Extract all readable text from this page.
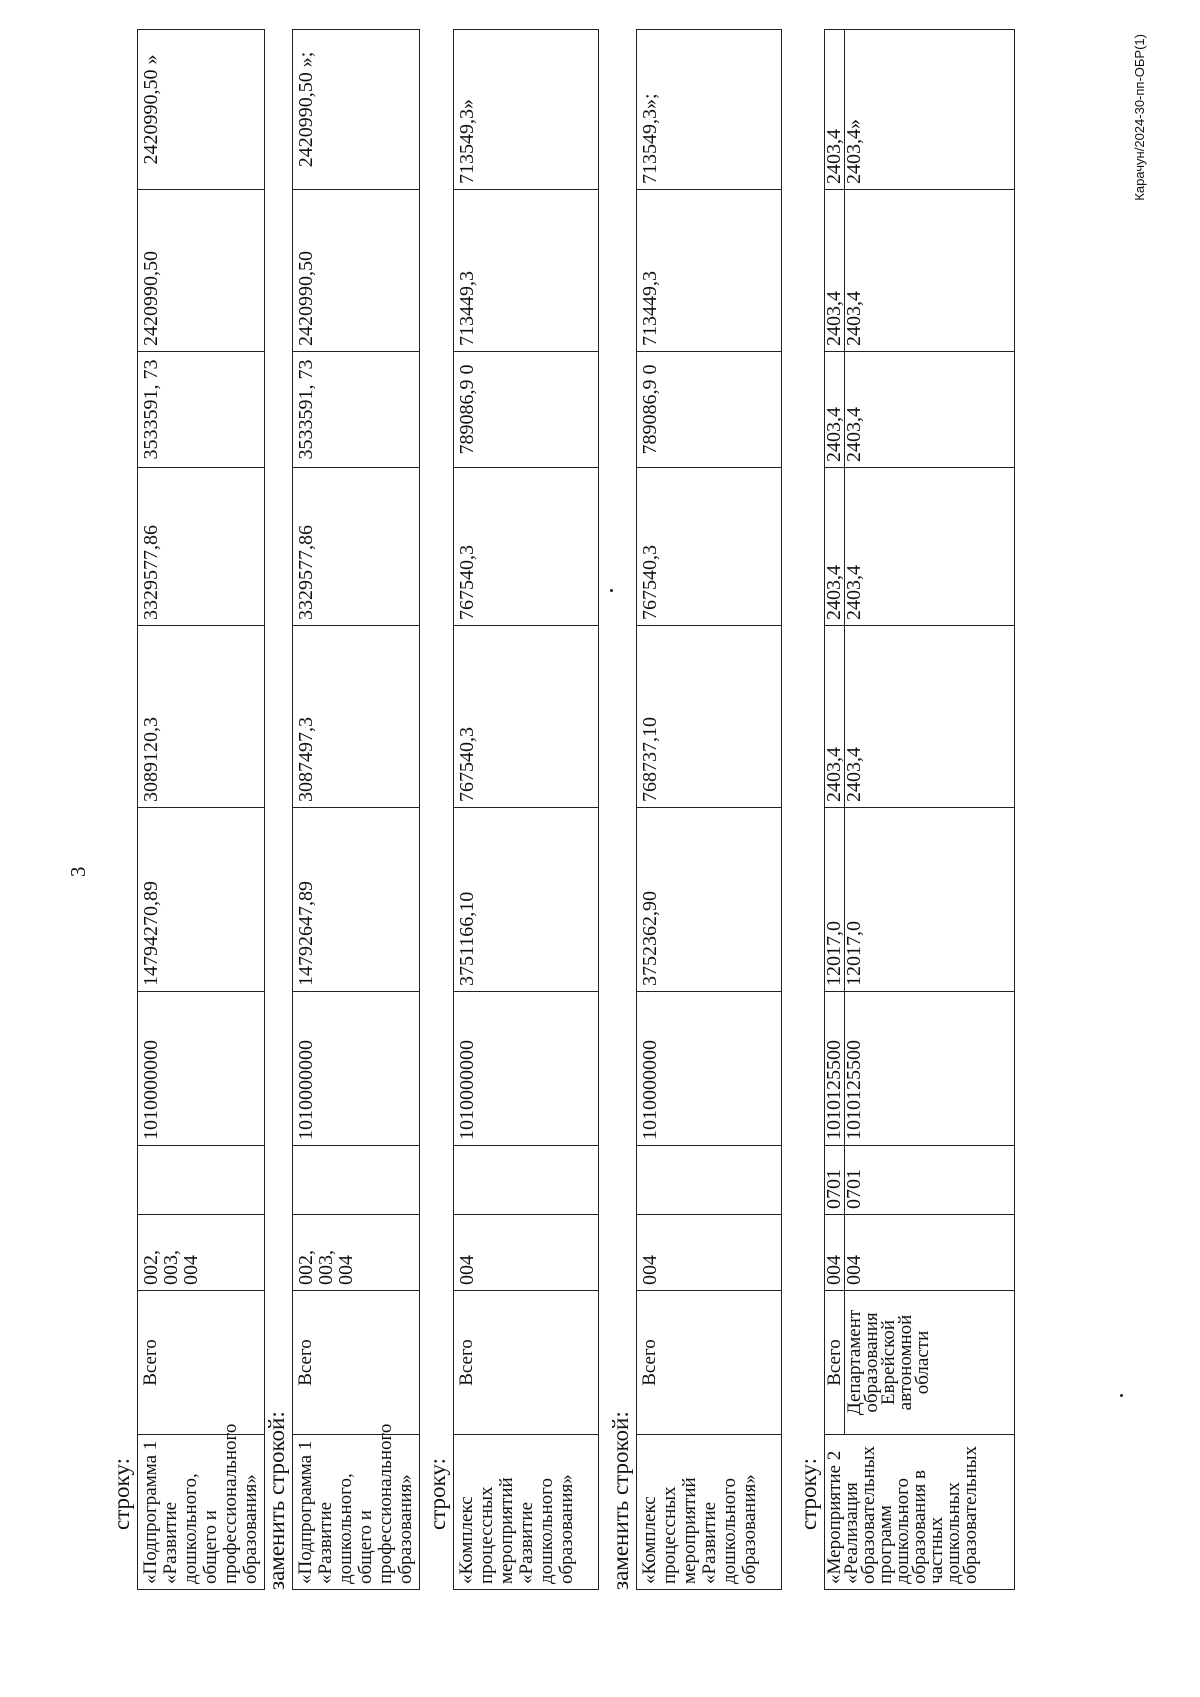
3
строку: «Подпрограмма 1 «Развитие дошкольного, общего и профессионального образования»	Всего	002, 003, 004		1010000000	14794270,89	3089120,3	3329577,86	3533591, 73	2420990,50	2420990,50 »
заменить строкой: «Подпрограмма 1 «Развитие дошкольного, общего и профессионального образования»	Всего	002, 003, 004		1010000000	14792647,89	3087497,3	3329577,86	3533591, 73	2420990,50	2420990,50 »;
строку:
«Комплекс процессных мероприятий «Развитие дошкольного образования»	Всего	004		1010000000	3751166,10	767540,3	767540,3	789086,9 0	713449,3	713549,3»
заменить строкой: «Комплекс процессных мероприятий «Развитие дошкольного образования»	Всего	004		1010000000	3752362,90	768737,10	767540,3	789086,9 0	713449,3	713549,3»;
строку: «Мероприятие 2 «Реализация образовательных программ дошкольного образования в частных дошкольных образовательных	Всего	004	0701	1010125500	12017,0	2403,4	2403,4	2403,4	2403,4	2403,4
	Департамент образования Еврейской автономной области	004	0701	1010125500	12017,0	2403,4	2403,4	2403,4	2403,4	2403,4»	Карачун/2024-30-пп-ОБР(1)
